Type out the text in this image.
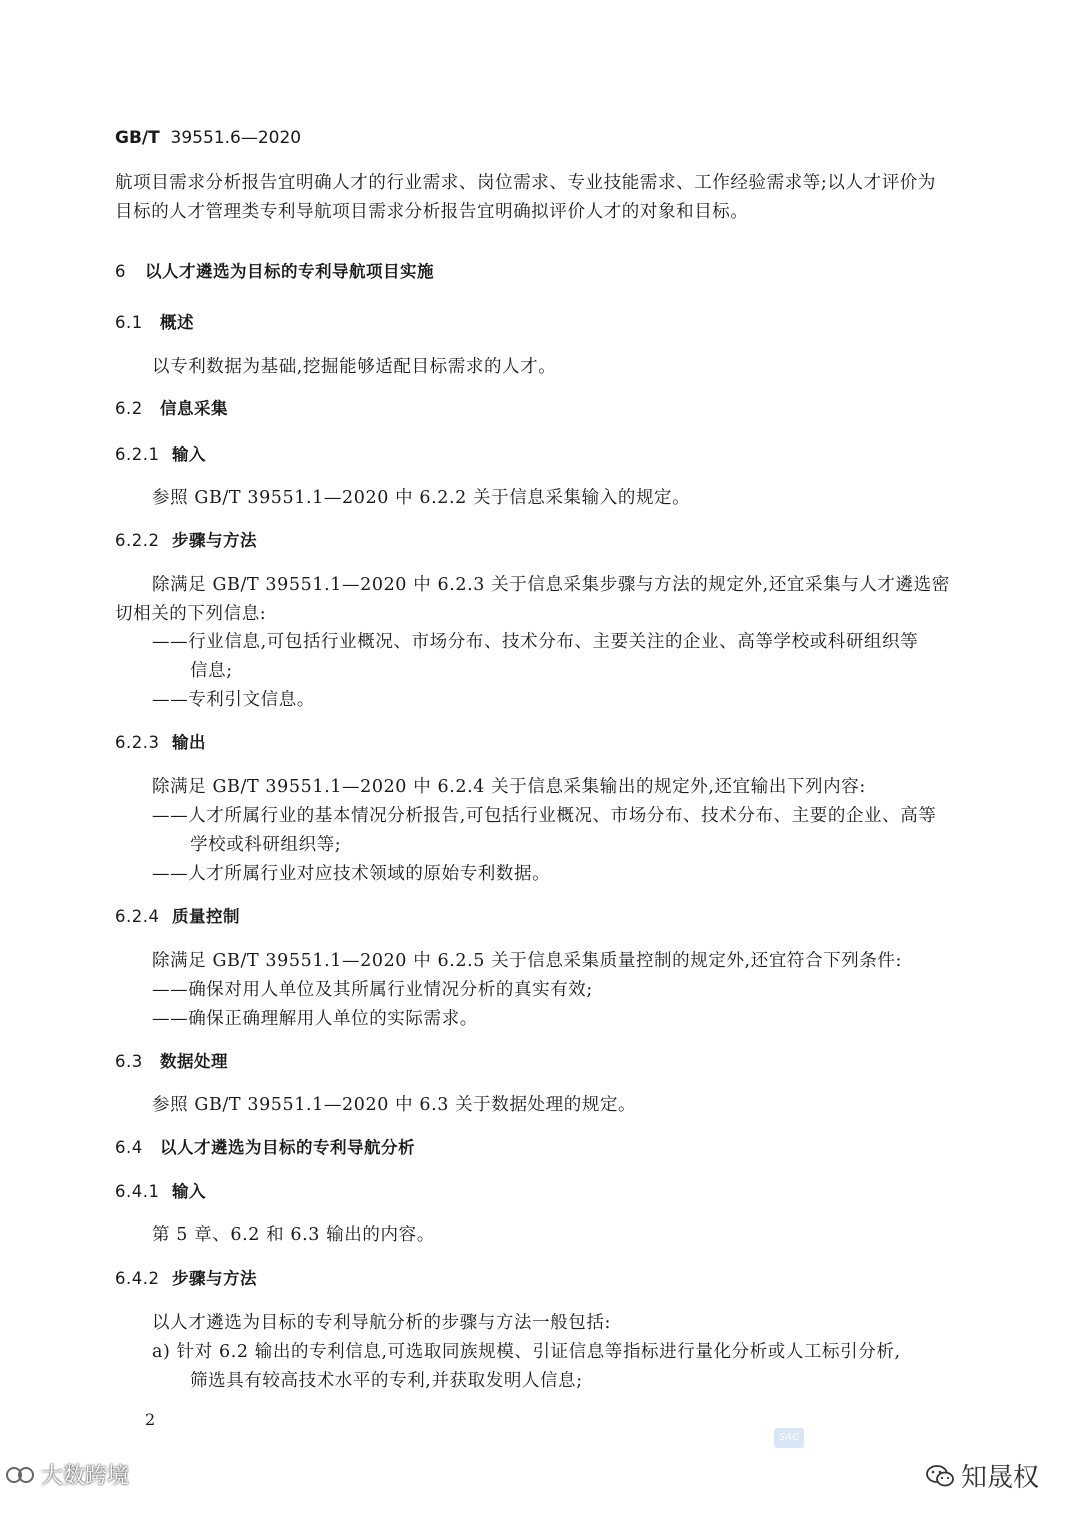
GB/T 39551.6—2020
航项目需求分析报告宜明确人才的行业需求、岗位需求、专业技能需求、工作经验需求等;以人才评价为
目标的人才管理类专利导航项目需求分析报告宜明确拟评价人才的对象和目标。
6 以人才遴选为目标的专利导航项目实施
6.1 概述
以专利数据为基础,挖掘能够适配目标需求的人才。
6.2 信息采集
6.2.1 输入
参照 GB/T 39551.1—2020 中 6.2.2 关于信息采集输入的规定。
6.2.2 步骤与方法
除满足 GB/T 39551.1—2020 中 6.2.3 关于信息采集步骤与方法的规定外,还宜采集与人才遴选密
切相关的下列信息:
——行业信息,可包括行业概况、市场分布、技术分布、主要关注的企业、高等学校或科研组织等
信息;
——专利引文信息。
6.2.3 输出
除满足 GB/T 39551.1—2020 中 6.2.4 关于信息采集输出的规定外,还宜输出下列内容:
——人才所属行业的基本情况分析报告,可包括行业概况、市场分布、技术分布、主要的企业、高等
学校或科研组织等;
——人才所属行业对应技术领域的原始专利数据。
6.2.4 质量控制
除满足 GB/T 39551.1—2020 中 6.2.5 关于信息采集质量控制的规定外,还宜符合下列条件:
——确保对用人单位及其所属行业情况分析的真实有效;
——确保正确理解用人单位的实际需求。
6.3 数据处理
参照 GB/T 39551.1—2020 中 6.3 关于数据处理的规定。
6.4 以人才遴选为目标的专利导航分析
6.4.1 输入
第 5 章、6.2 和 6.3 输出的内容。
6.4.2 步骤与方法
以人才遴选为目标的专利导航分析的步骤与方法一般包括:
a) 针对 6.2 输出的专利信息,可选取同族规模、引证信息等指标进行量化分析或人工标引分析,
筛选具有较高技术水平的专利,并获取发明人信息;
2
SAC
大数跨境	知晟权
